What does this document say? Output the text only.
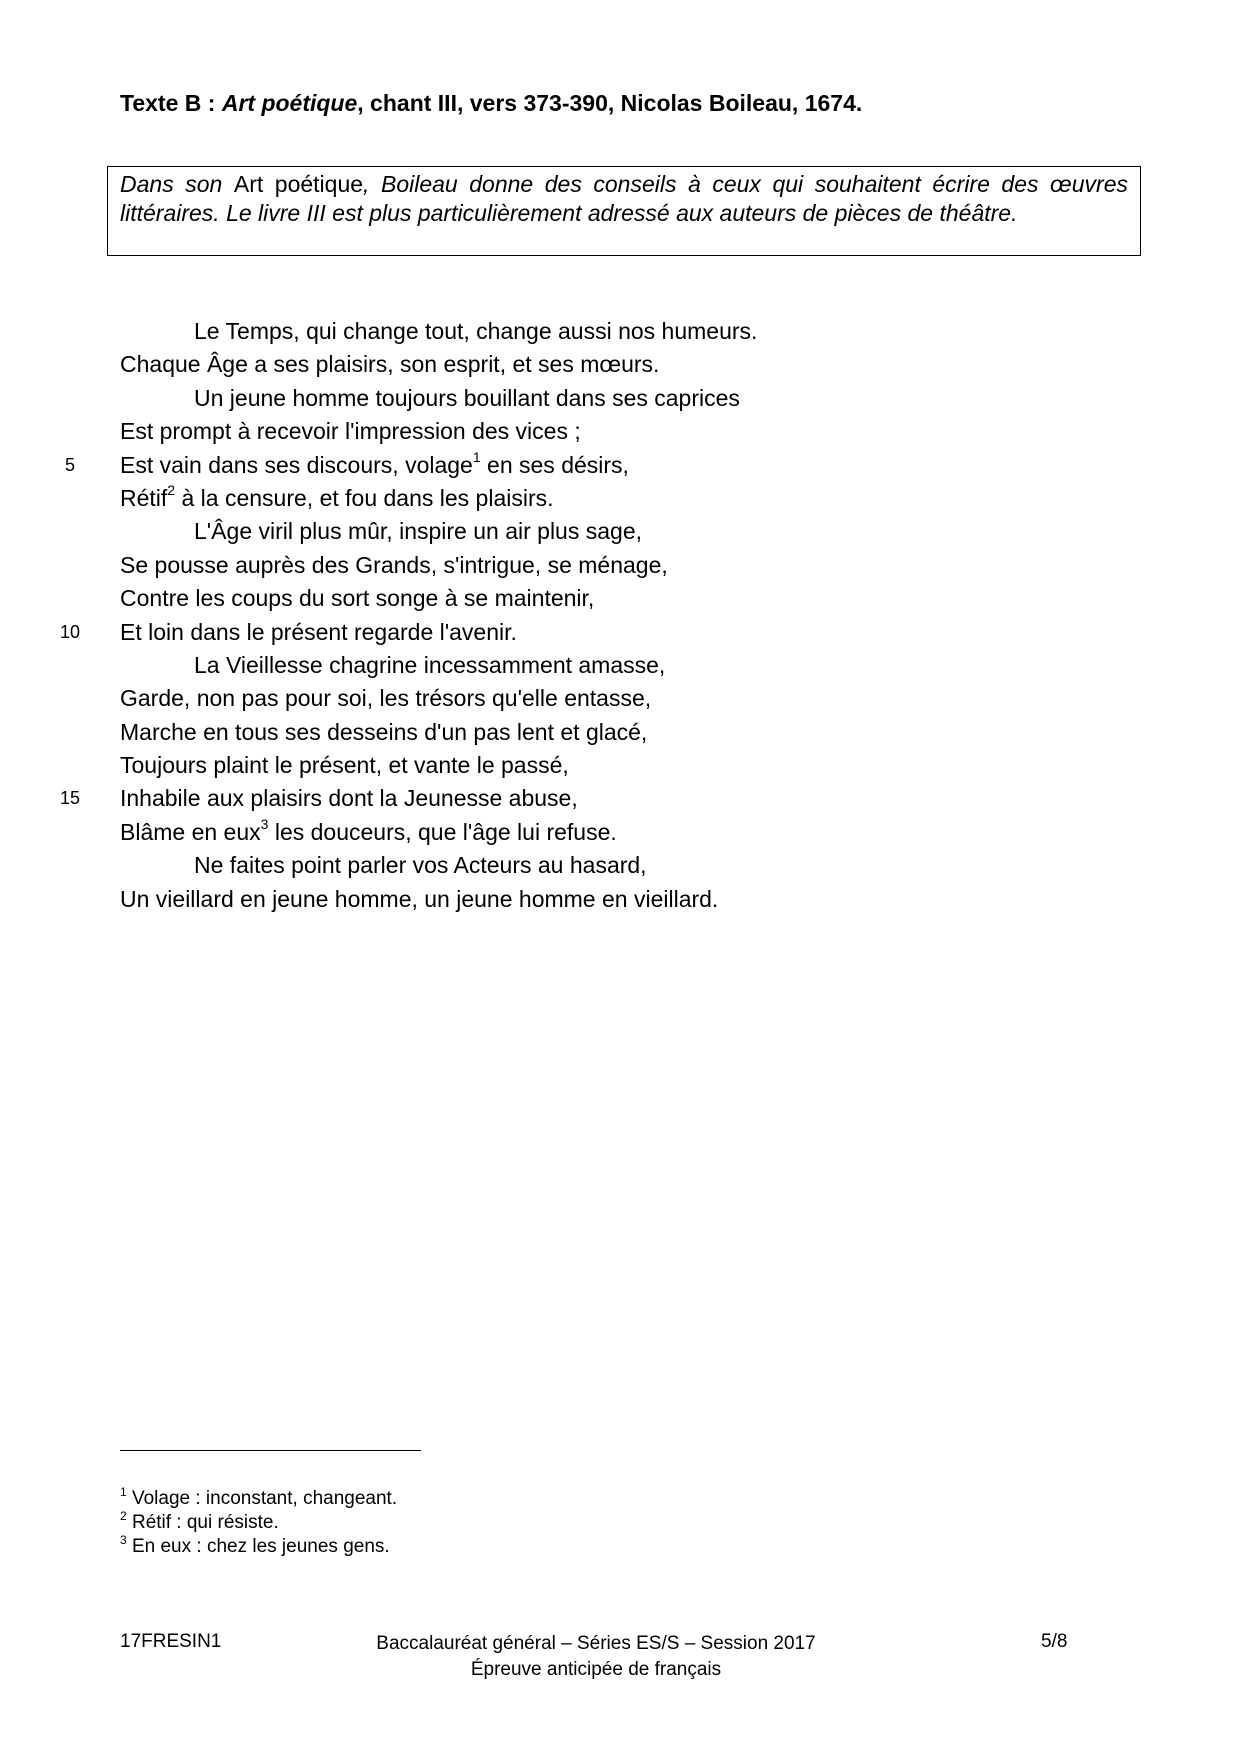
Texte B : Art poétique, chant III, vers 373-390, Nicolas Boileau, 1674.
Dans son Art poétique, Boileau donne des conseils à ceux qui souhaitent écrire des œuvres littéraires. Le livre III est plus particulièrement adressé aux auteurs de pièces de théâtre.
Le Temps, qui change tout, change aussi nos humeurs.
Chaque Âge a ses plaisirs, son esprit, et ses mœurs.
Un jeune homme toujours bouillant dans ses caprices
Est prompt à recevoir l'impression des vices ;
5	Est vain dans ses discours, volage$^1$ en ses désirs,
Rétif$^2$ à la censure, et fou dans les plaisirs.
L'Âge viril plus mûr, inspire un air plus sage,
Se pousse auprès des Grands, s'intrigue, se ménage,
Contre les coups du sort songe à se maintenir,
10	Et loin dans le présent regarde l'avenir.
La Vieillesse chagrine incessamment amasse,
Garde, non pas pour soi, les trésors qu'elle entasse,
Marche en tous ses desseins d'un pas lent et glacé,
Toujours plaint le présent, et vante le passé,
15	Inhabile aux plaisirs dont la Jeunesse abuse,
Blâme en eux$^3$ les douceurs, que l'âge lui refuse.
Ne faites point parler vos Acteurs au hasard,
Un vieillard en jeune homme, un jeune homme en vieillard.
$^1$ Volage : inconstant, changeant.
$^2$ Rétif : qui résiste.
$^3$ En eux : chez les jeunes gens.
17FRESIN1	Baccalauréat général – Séries ES/S – Session 2017
Épreuve anticipée de français
5/8
